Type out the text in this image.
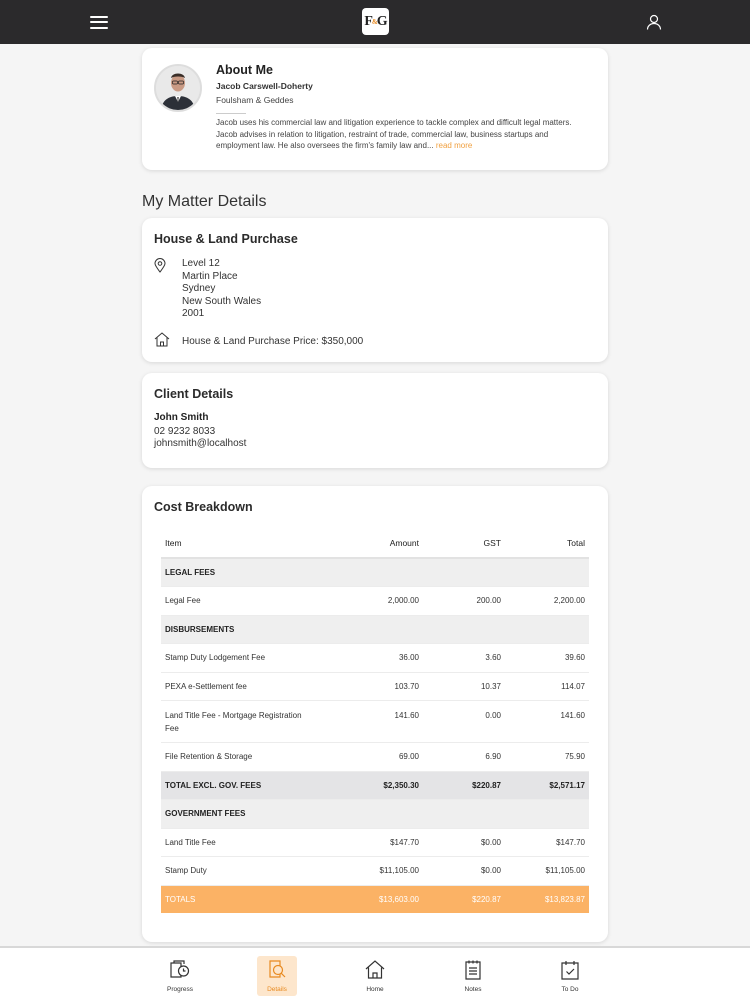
F & G
About Me
Jacob Carswell-Doherty
Foulsham & Geddes
Jacob uses his commercial law and litigation experience to tackle complex and difficult legal matters. Jacob advises in relation to litigation, restraint of trade, commercial law, business startups and employment law. He also oversees the firm's family law and... read more
My Matter Details
House & Land Purchase
Level 12
Martin Place
Sydney
New South Wales
2001
House & Land Purchase Price: $350,000
Client Details
John Smith
02 9232 8033
johnsmith@localhost
Cost Breakdown
Item	Amount	GST	Total
LEGAL FEES			
Legal Fee	2,000.00	200.00	2,200.00
DISBURSEMENTS			
Stamp Duty Lodgement Fee	36.00	3.60	39.60
PEXA e-Settlement fee	103.70	10.37	114.07
Land Title Fee - Mortgage Registration Fee	141.60	0.00	141.60
File Retention & Storage	69.00	6.90	75.90
TOTAL EXCL. GOV. FEES	$2,350.30	$220.87	$2,571.17
GOVERNMENT FEES			
Land Title Fee	$147.70	$0.00	$147.70
Stamp Duty	$11,105.00	$0.00	$11,105.00
TOTALS	$13,603.00	$220.87	$13,823.87
Progress	Details	Home	Notes	To Do
